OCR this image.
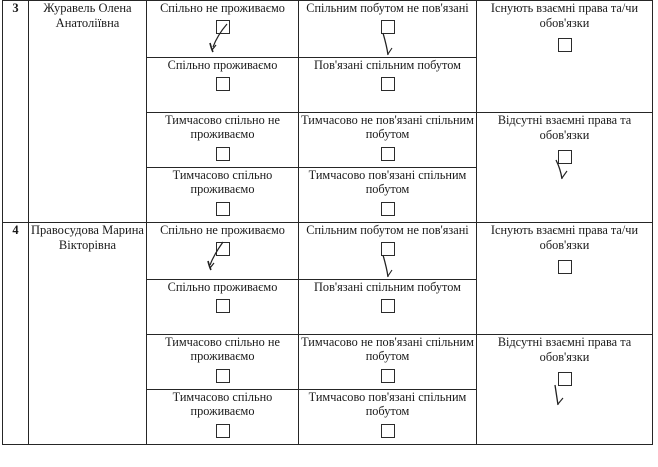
3	Журавель Олена Анатоліївна	Спільно не проживаємо	Спільним побутом не пов'язані	Існують взаємні права та/чи обов'язки

		Спільно проживаємо	Пов'язані спільним побутом	

		Тимчасово спільно не проживаємо	Тимчасово не пов'язані спільним побутом	Відсутні взаємні права та обов'язки

		Тимчасово спільно проживаємо	Тимчасово пов'язані спільним побутом	

4	Правосудова Марина Вікторівна	Спільно не проживаємо	Спільним побутом не пов'язані	Існують взаємні права та/чи обов'язки

		Спільно проживаємо	Пов'язані спільним побутом	

		Тимчасово спільно не проживаємо	Тимчасово не пов'язані спільним побутом	Відсутні взаємні права та обов'язки

		Тимчасово спільно проживаємо	Тимчасово пов'язані спільним побутом	
